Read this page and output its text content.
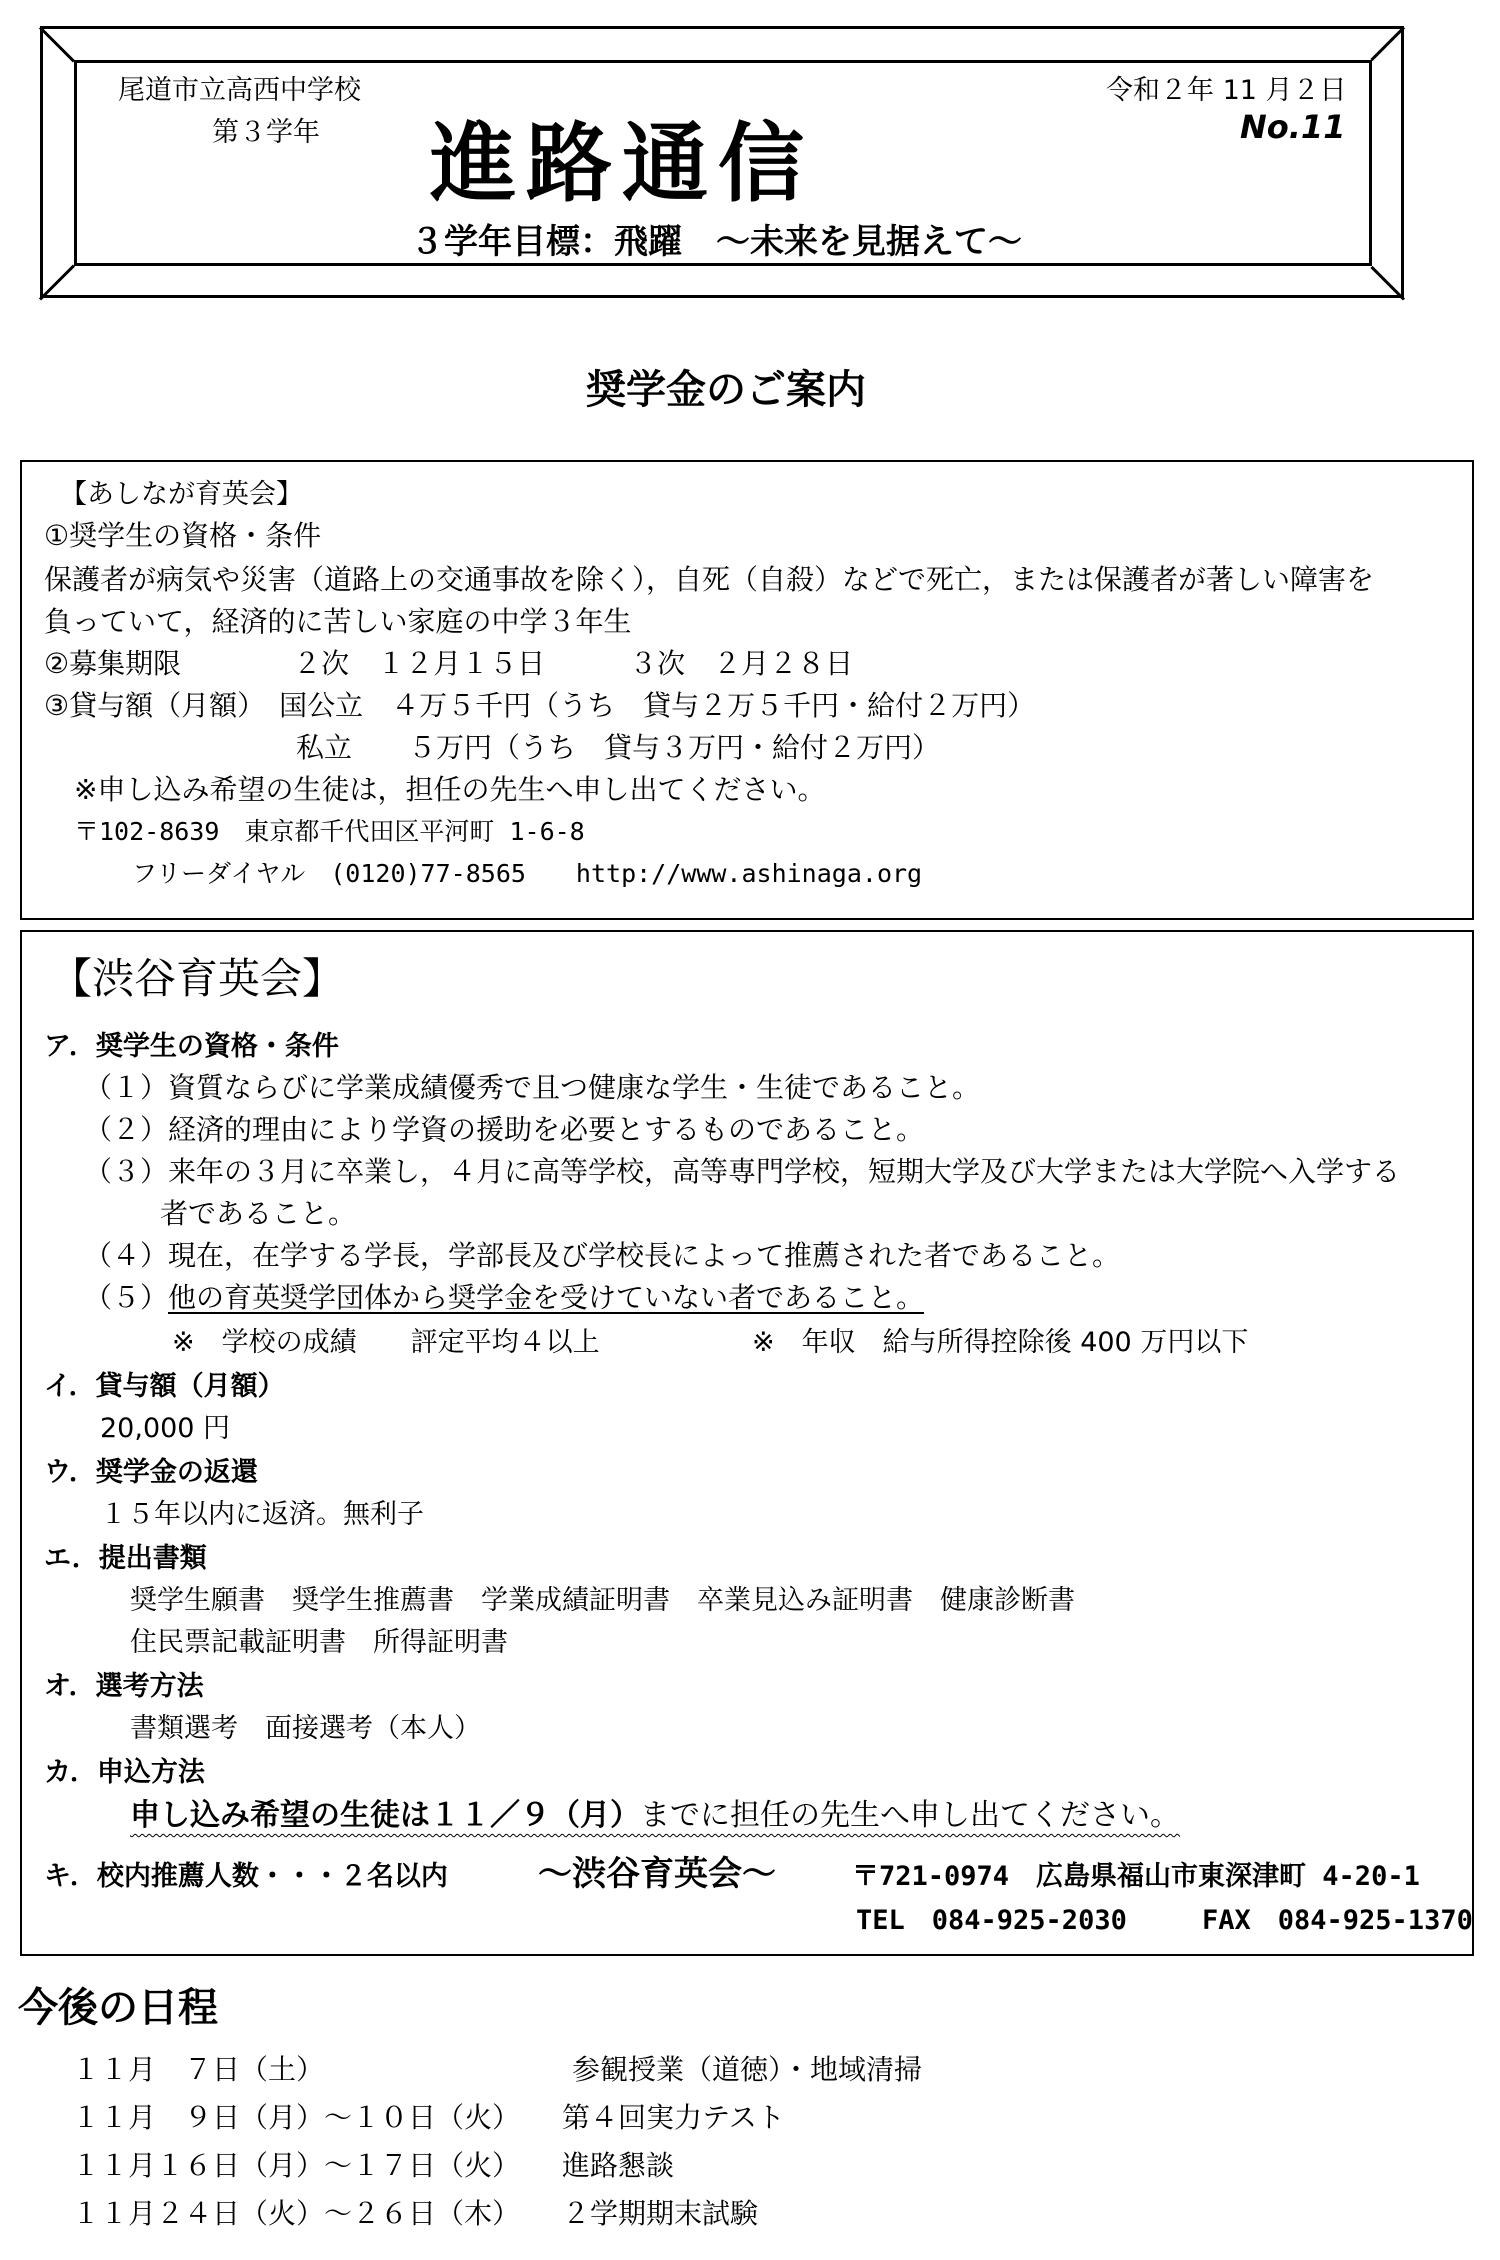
尾道市立高西中学校
第３学年
令和２年 11 月２日
進路通信	No.11
３学年目標：飛躍　～未来を見据えて～
奨学金のご案内
【あしなが育英会】
①奨学生の資格・条件
保護者が病気や災害（道路上の交通事故を除く），自死（自殺）などで死亡，または保護者が著しい障害を
負っていて，経済的に苦しい家庭の中学３年生
②募集期限　　　　２次　１２月１５日　　　３次　２月２８日
③貸与額（月額）　国公立　４万５千円（うち　貸与２万５千円・給付２万円）
　　　　　　　　　私立　　５万円（うち　貸与３万円・給付２万円）
※申し込み希望の生徒は，担任の先生へ申し出てください。
〒102-8639　東京都千代田区平河町 1-6-8
フリーダイヤル　(0120)77-8565　　http://www.ashinaga.org
【渋谷育英会】
ア．奨学生の資格・条件
（１）資質ならびに学業成績優秀で且つ健康な学生・生徒であること。
（２）経済的理由により学資の援助を必要とするものであること。
（３）来年の３月に卒業し，４月に高等学校，高等専門学校，短期大学及び大学または大学院へ入学する
者であること。
（４）現在，在学する学長，学部長及び学校長によって推薦された者であること。
（５）他の育英奨学団体から奨学金を受けていない者であること。
※　学校の成績　　評定平均４以上	※　年収　給与所得控除後 400 万円以下
イ．貸与額（月額）
20,000 円
ウ．奨学金の返還
１５年以内に返済。無利子
エ．提出書類
奨学生願書　奨学生推薦書　学業成績証明書　卒業見込み証明書　健康診断書
住民票記載証明書　所得証明書
オ．選考方法
書類選考　面接選考（本人）
カ．申込方法
申し込み希望の生徒は１１／９（月）までに担任の先生へ申し出てください。
キ．校内推薦人数・・・２名以内	～渋谷育英会～	〒721-0974　広島県福山市東深津町 4-20-1
TEL　084-925-2030	FAX　084-925-1370
今後の日程
１１月　７日（土）	参観授業（道徳）・地域清掃
１１月　９日（月）～１０日（火） 第４回実力テスト
１１月１６日（月）～１７日（火） 進路懇談
１１月２４日（火）～２６日（木） ２学期期末試験
